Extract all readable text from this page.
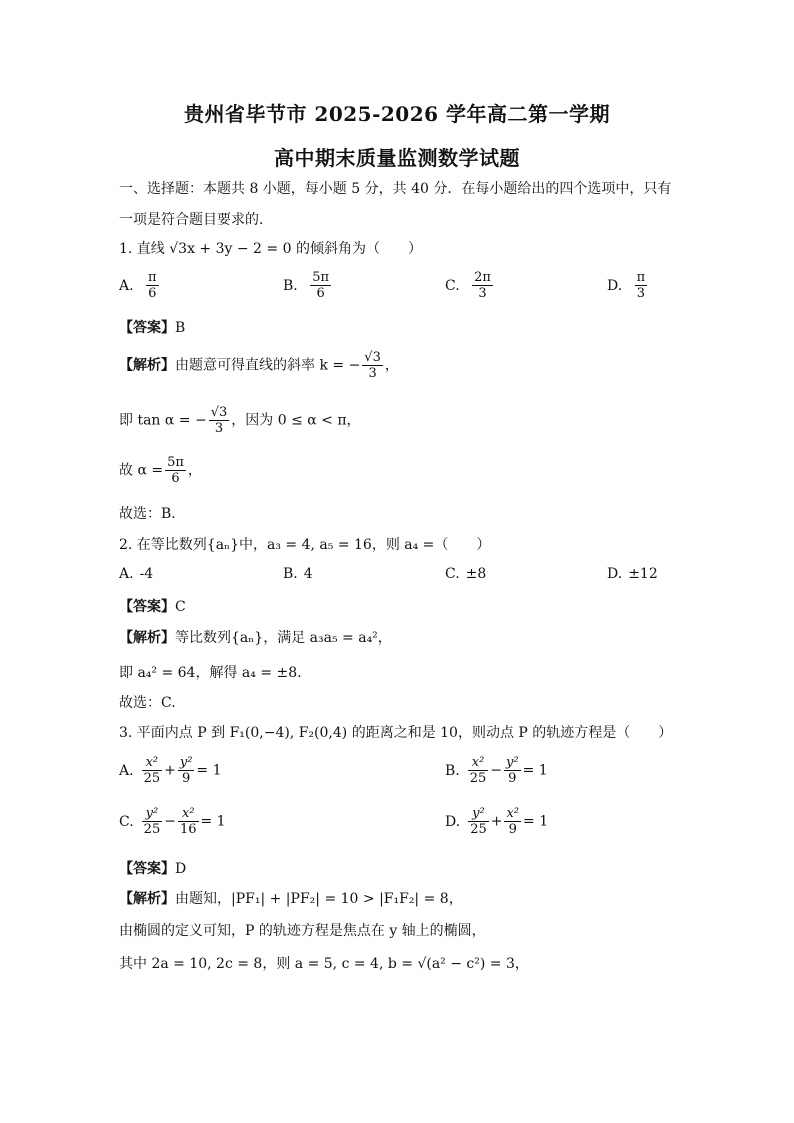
贵州省毕节市 2025-2026 学年高二第一学期
高中期末质量监测数学试题
一、选择题：本题共 8 小题，每小题 5 分，共 40 分．在每小题给出的四个选项中，只有一项是符合题目要求的．
1. 直线 √3x + 3y − 2 = 0 的倾斜角为（　　）
A. $\frac{\pi}{6}$	B. $\frac{5\pi}{6}$	C. $\frac{2\pi}{3}$	D. $\frac{\pi}{3}$
【答案】B
【解析】由题意可得直线的斜率 k = − $\frac{√3}{3}$ ，
即 tan α = − $\frac{√3}{3}$ ，因为 0 ≤ α < π，
故 $\alpha = \frac{5\pi}{6}$ ，
故选：B．
2. 在等比数列{aₙ}中，a₃ = 4, a₅ = 16，则 a₄ =（　　）
A. -4	B. 4	C. ±8	D. ±12
【答案】C
【解析】等比数列{aₙ}，满足 a₃a₅ = a₄²，
即 a₄² = 64，解得 a₄ = ±8.
故选：C.
3. 平面内点 P 到 F₁(0,−4), F₂(0,4) 的距离之和是 10，则动点 P 的轨迹方程是（　　）
A. $\frac{\text{x²}}{25} + \frac{\text{y²}}{9} = 1$	B. $\frac{\text{x²}}{25} - \frac{\text{y²}}{9} = 1$
C. $\frac{\text{y²}}{25} - \frac{\text{x²}}{16} = 1$	D. $\frac{\text{y²}}{25} + \frac{\text{x²}}{9} = 1$
【答案】D
【解析】由题知，|PF₁| + |PF₂| = 10 > |F₁F₂| = 8，
由椭圆的定义可知，P 的轨迹方程是焦点在 y 轴上的椭圆，
其中 2a = 10, 2c = 8，则 a = 5, c = 4, b = √(a² − c²) = 3，
